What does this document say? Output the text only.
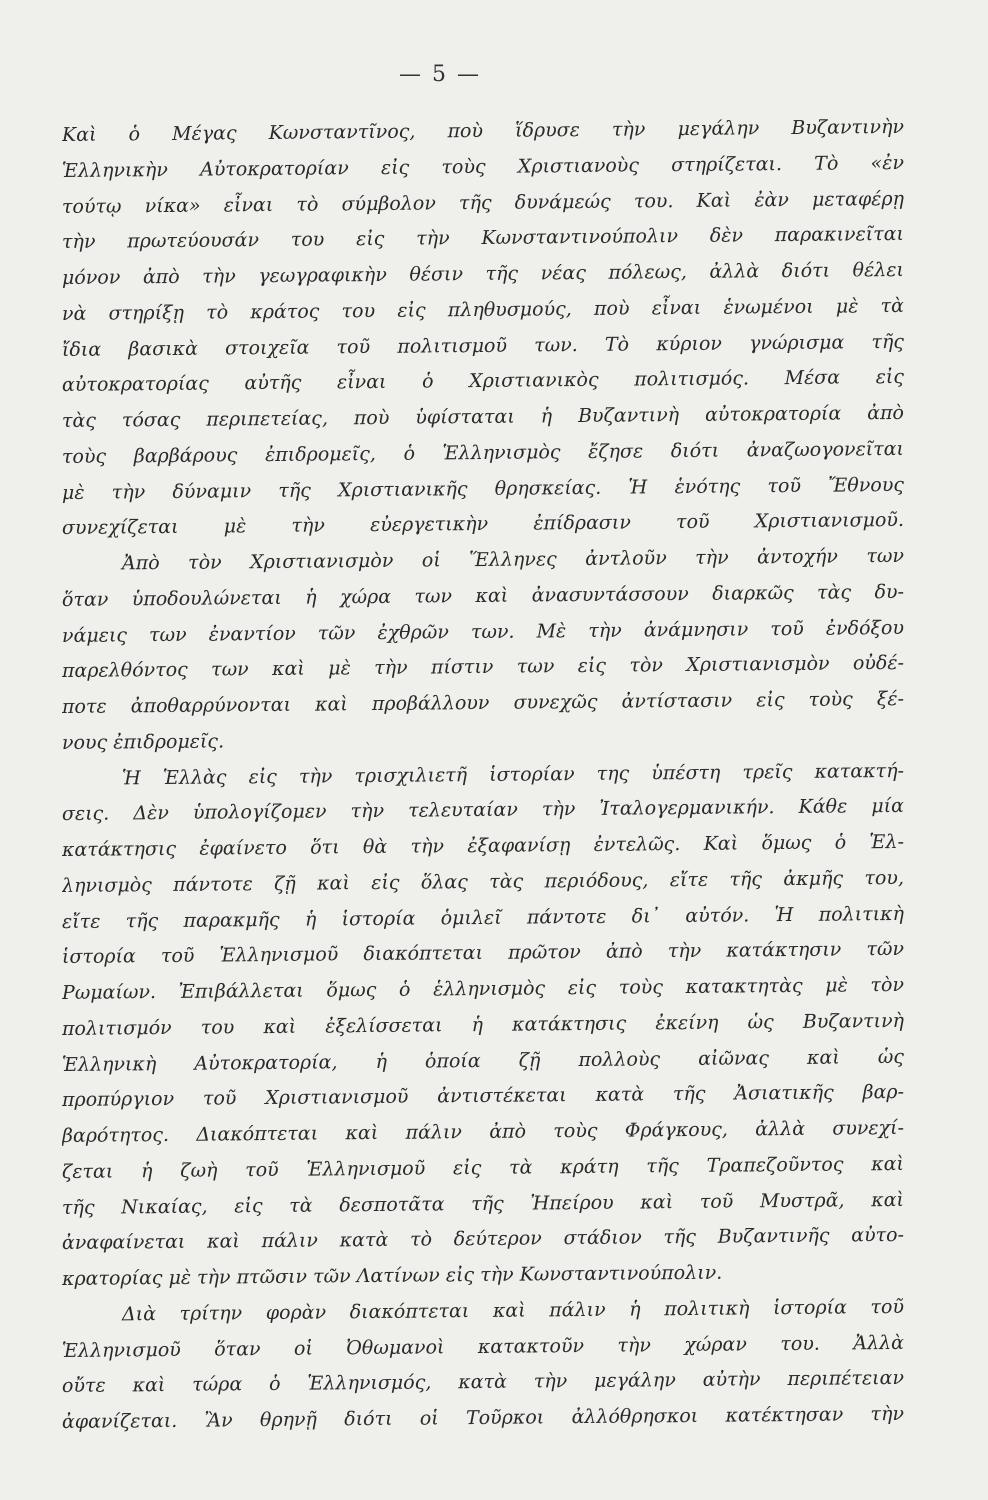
— 5 —
Καὶ ὁ Μέγας Κωνσταντῖνος, ποὺ ἵδρυσε τὴν μεγάλην Βυζαντινὴν
Ἑλληνικὴν Αὐτοκρατορίαν εἰς τοὺς Χριστιανοὺς στηρίζεται. Τὸ «ἐν
τούτῳ νίκα» εἶναι τὸ σύμβολον τῆς δυνάμεώς του. Καὶ ἐὰν μεταφέρῃ
τὴν πρωτεύουσάν του εἰς τὴν Κωνσταντινούπολιν δὲν παρακινεῖται
μόνον ἀπὸ τὴν γεωγραφικὴν θέσιν τῆς νέας πόλεως, ἀλλὰ διότι θέλει
νὰ στηρίξῃ τὸ κράτος του εἰς πληθυσμούς, ποὺ εἶναι ἑνωμένοι μὲ τὰ
ἴδια βασικὰ στοιχεῖα τοῦ πολιτισμοῦ των. Τὸ κύριον γνώρισμα τῆς
αὐτοκρατορίας αὐτῆς εἶναι ὁ Χριστιανικὸς πολιτισμός. Μέσα εἰς
τὰς τόσας περιπετείας, ποὺ ὑφίσταται ἡ Βυζαντινὴ αὐτοκρατορία ἀπὸ
τοὺς βαρβάρους ἐπιδρομεῖς, ὁ Ἑλληνισμὸς ἔζησε διότι ἀναζωογονεῖται
μὲ τὴν δύναμιν τῆς Χριστιανικῆς θρησκείας. Ἡ ἑνότης τοῦ Ἔθνους
συνεχίζεται μὲ τὴν εὐεργετικὴν ἐπίδρασιν τοῦ Χριστιανισμοῦ.
Ἀπὸ τὸν Χριστιανισμὸν οἱ Ἕλληνες ἀντλοῦν τὴν ἀντοχήν των
ὅταν ὑποδουλώνεται ἡ χώρα των καὶ ἀνασυντάσσουν διαρκῶς τὰς δυ-
νάμεις των ἐναντίον τῶν ἐχθρῶν των. Μὲ τὴν ἀνάμνησιν τοῦ ἐνδόξου
παρελθόντος των καὶ μὲ τὴν πίστιν των εἰς τὸν Χριστιανισμὸν οὐδέ-
ποτε ἀποθαρρύνονται καὶ προβάλλουν συνεχῶς ἀντίστασιν εἰς τοὺς ξέ-
νους ἐπιδρομεῖς.
Ἡ Ἑλλὰς εἰς τὴν τρισχιλιετῆ ἱστορίαν της ὑπέστη τρεῖς κατακτή-
σεις. Δὲν ὑπολογίζομεν τὴν τελευταίαν τὴν Ἰταλογερμανικήν. Κάθε μία
κατάκτησις ἐφαίνετο ὅτι θὰ τὴν ἐξαφανίσῃ ἐντελῶς. Καὶ ὅμως ὁ Ἑλ-
ληνισμὸς πάντοτε ζῇ καὶ εἰς ὅλας τὰς περιόδους, εἴτε τῆς ἀκμῆς του,
εἴτε τῆς παρακμῆς ἡ ἱστορία ὁμιλεῖ πάντοτε δι᾽ αὐτόν. Ἡ πολιτικὴ
ἱστορία τοῦ Ἑλληνισμοῦ διακόπτεται πρῶτον ἀπὸ τὴν κατάκτησιν τῶν
Ρωμαίων. Ἐπιβάλλεται ὅμως ὁ ἑλληνισμὸς εἰς τοὺς κατακτητὰς μὲ τὸν
πολιτισμόν του καὶ ἐξελίσσεται ἡ κατάκτησις ἐκείνη ὡς Βυζαντινὴ
Ἑλληνικὴ Αὐτοκρατορία, ἡ ὁποία ζῇ πολλοὺς αἰῶνας καὶ ὡς
προπύργιον τοῦ Χριστιανισμοῦ ἀντιστέκεται κατὰ τῆς Ἀσιατικῆς βαρ-
βαρότητος. Διακόπτεται καὶ πάλιν ἀπὸ τοὺς Φράγκους, ἀλλὰ συνεχί-
ζεται ἡ ζωὴ τοῦ Ἑλληνισμοῦ εἰς τὰ κράτη τῆς Τραπεζοῦντος καὶ
τῆς Νικαίας, εἰς τὰ δεσποτᾶτα τῆς Ἠπείρου καὶ τοῦ Μυστρᾶ, καὶ
ἀναφαίνεται καὶ πάλιν κατὰ τὸ δεύτερον στάδιον τῆς Βυζαντινῆς αὐτο-
κρατορίας μὲ τὴν πτῶσιν τῶν Λατίνων εἰς τὴν Κωνσταντινούπολιν.
Διὰ τρίτην φορὰν διακόπτεται καὶ πάλιν ἡ πολιτικὴ ἱστορία τοῦ
Ἑλληνισμοῦ ὅταν οἱ Ὀθωμανοὶ κατακτοῦν τὴν χώραν του. Ἀλλὰ
οὔτε καὶ τώρα ὁ Ἑλληνισμός, κατὰ τὴν μεγάλην αὐτὴν περιπέτειαν
ἀφανίζεται. Ἂν θρηνῇ διότι οἱ Τοῦρκοι ἀλλόθρησκοι κατέκτησαν τὴν
